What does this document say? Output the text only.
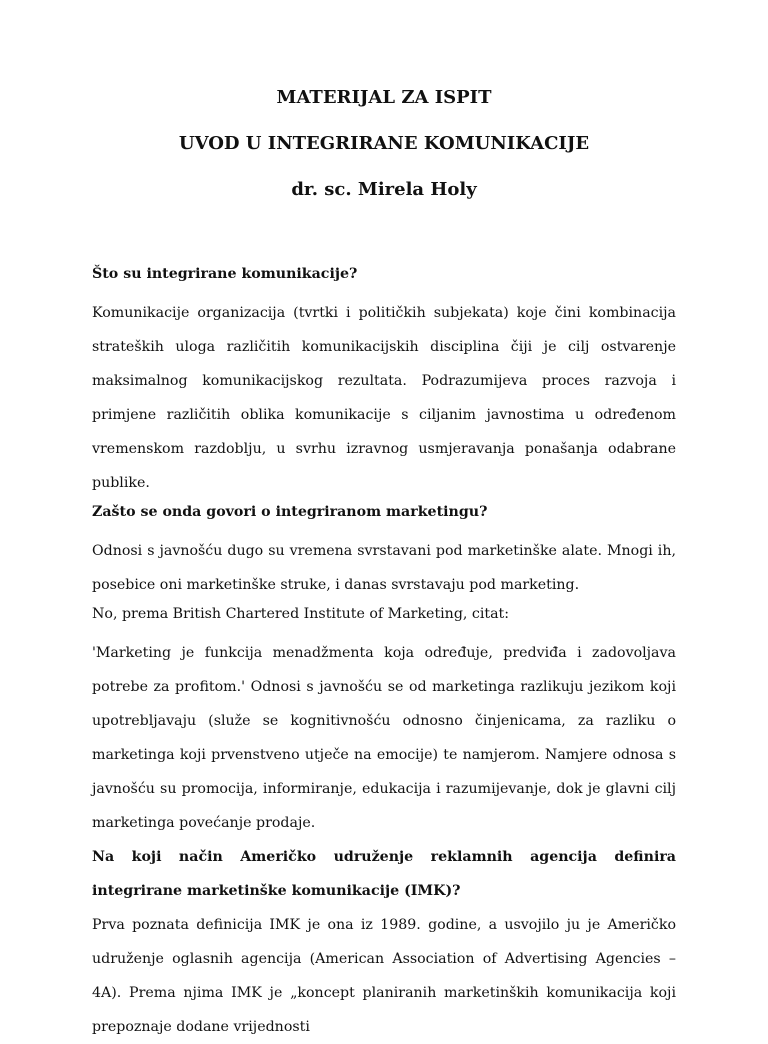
MATERIJAL ZA ISPIT
UVOD U INTEGRIRANE KOMUNIKACIJE
dr. sc. Mirela Holy
Što su integrirane komunikacije?

Komunikacije organizacija (tvrtki i političkih subjekata) koje čini kombinacija strateških uloga različitih komunikacijskih disciplina čiji je cilj ostvarenje maksimalnog komunikacijskog rezultata. Podrazumijeva proces razvoja i primjene različitih oblika komunikacije s ciljanim javnostima u određenom vremenskom razdoblju, u svrhu izravnog usmjeravanja ponašanja odabrane publike.

Zašto se onda govori o integriranom marketingu?

Odnosi s javnošću dugo su vremena svrstavani pod marketinške alate. Mnogi ih, posebice oni marketinške struke, i danas svrstavaju pod marketing.

No, prema British Chartered Institute of Marketing, citat:

'Marketing je funkcija menadžmenta koja određuje, predviđa i zadovoljava potrebe za profitom.' Odnosi s javnošću se od marketinga razlikuju jezikom koji upotrebljavaju (služe se kognitivnošću odnosno činjenicama, za razliku o marketinga koji prvenstveno utječe na emocije) te namjerom. Namjere odnosa s javnošću su promocija, informiranje, edukacija i razumijevanje, dok je glavni cilj marketinga povećanje prodaje.

Na koji način Američko udruženje reklamnih agencija definira integrirane marketinške komunikacije (IMK)?

Prva poznata definicija IMK je ona iz 1989. godine, a usvojilo ju je Američko udruženje oglasnih agencija (American Association of Advertising Agencies – 4A). Prema njima IMK je „koncept planiranih marketinških komunikacija koji prepoznaje dodane vrijednosti
